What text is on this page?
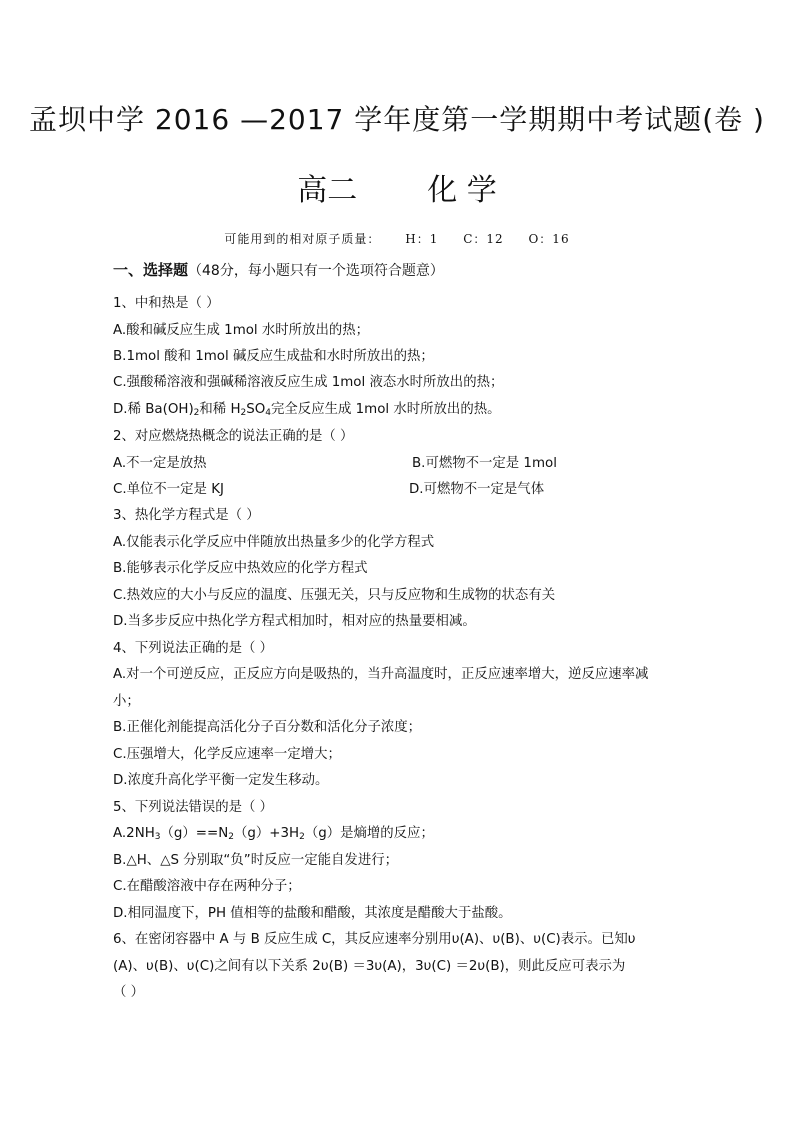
孟坝中学 2016 —2017 学年度第一学期期中考试题(卷 )
高二 化 学
可能用到的相对原子质量： H：1 C：12 O：16
一、选择题（48分，每小题只有一个选项符合题意）
1、中和热是（ ）
A.酸和碱反应生成 1mol 水时所放出的热；
B.1mol 酸和 1mol 碱反应生成盐和水时所放出的热；
C.强酸稀溶液和强碱稀溶液反应生成 1mol 液态水时所放出的热；
D.稀 $Ba(OH)_2$和稀 $H_2SO_4$完全反应生成 1mol 水时所放出的热。
2、对应燃烧热概念的说法正确的是（ ）
A.不一定是放热	B.可燃物不一定是 1mol
C.单位不一定是 KJ	D.可燃物不一定是气体
3、热化学方程式是（ ）
A.仅能表示化学反应中伴随放出热量多少的化学方程式
B.能够表示化学反应中热效应的化学方程式
C.热效应的大小与反应的温度、压强无关，只与反应物和生成物的状态有关
D.当多步反应中热化学方程式相加时，相对应的热量要相减。
4、下列说法正确的是（ ）
A.对一个可逆反应，正反应方向是吸热的，当升高温度时，正反应速率增大，逆反应速率减
小；
B.正催化剂能提高活化分子百分数和活化分子浓度；
C.压强增大，化学反应速率一定增大；
D.浓度升高化学平衡一定发生移动。
5、下列说法错误的是（ ）
$A.2NH_3(g)==N_2(g)+3H_2(g)$是熵增的反应；
B.△H、△S 分别取“负”时反应一定能自发进行；
C.在醋酸溶液中存在两种分子；
D.相同温度下，PH 值相等的盐酸和醋酸，其浓度是醋酸大于盐酸。
6、在密闭容器中 A 与 B 反应生成 C，其反应速率分别用υ(A)、υ(B)、υ(C)表示。已知υ
(A)、υ(B)、υ(C)之间有以下关系 2υ(B) ＝3υ(A)，3υ(C) ＝2υ(B)，则此反应可表示为
（ ）
